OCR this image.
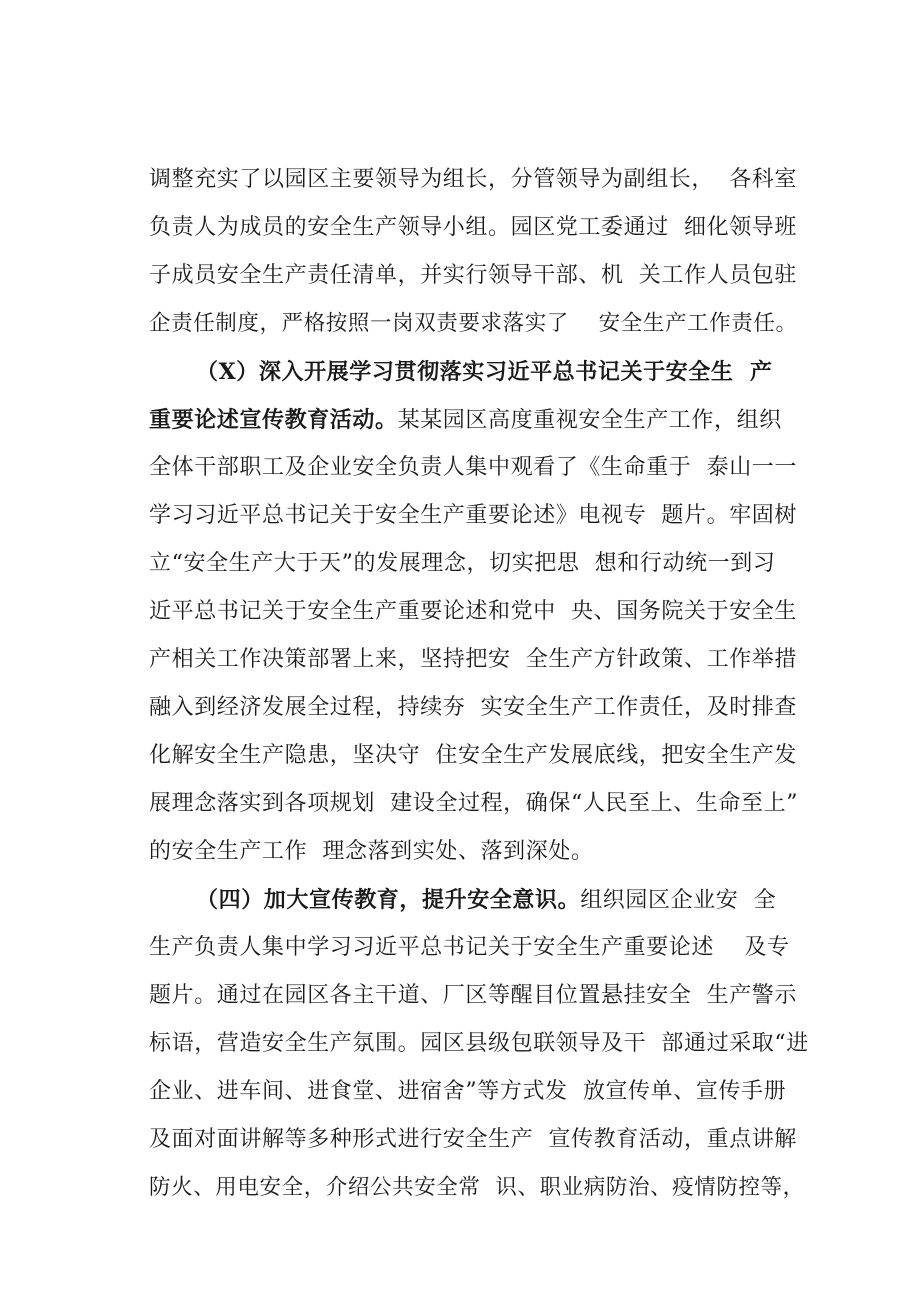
调整充实了以园区主要领导为组长，分管领导为副组长，  各科室
负责人为成员的安全生产领导小组。园区党工委通过  细化领导班
子成员安全生产责任清单，并实行领导干部、机  关工作人员包驻
企责任制度，严格按照一岗双责要求落实了    安全生产工作责任。
（X）深入开展学习贯彻落实习近平总书记关于安全生  产
重要论述宣传教育活动。某某园区高度重视安全生产工作，组织
全体干部职工及企业安全负责人集中观看了《生命重于  泰山一一
学习习近平总书记关于安全生产重要论述》电视专  题片。牢固树
立“安全生产大于天”的发展理念，切实把思  想和行动统一到习
近平总书记关于安全生产重要论述和党中  央、国务院关于安全生
产相关工作决策部署上来，坚持把安  全生产方针政策、工作举措
融入到经济发展全过程，持续夯  实安全生产工作责任，及时排查
化解安全生产隐患，坚决守  住安全生产发展底线，把安全生产发
展理念落实到各项规划  建设全过程，确保“人民至上、生命至上”
的安全生产工作  理念落到实处、落到深处。
（四）加大宣传教育，提升安全意识。组织园区企业安  全
生产负责人集中学习习近平总书记关于安全生产重要论述    及专
题片。通过在园区各主干道、厂区等醒目位置悬挂安全  生产警示
标语，营造安全生产氛围。园区县级包联领导及干  部通过采取“进
企业、进车间、进食堂、进宿舍”等方式发  放宣传单、宣传手册
及面对面讲解等多种形式进行安全生产  宣传教育活动，重点讲解
防火、用电安全，介绍公共安全常  识、职业病防治、疫情防控等，
